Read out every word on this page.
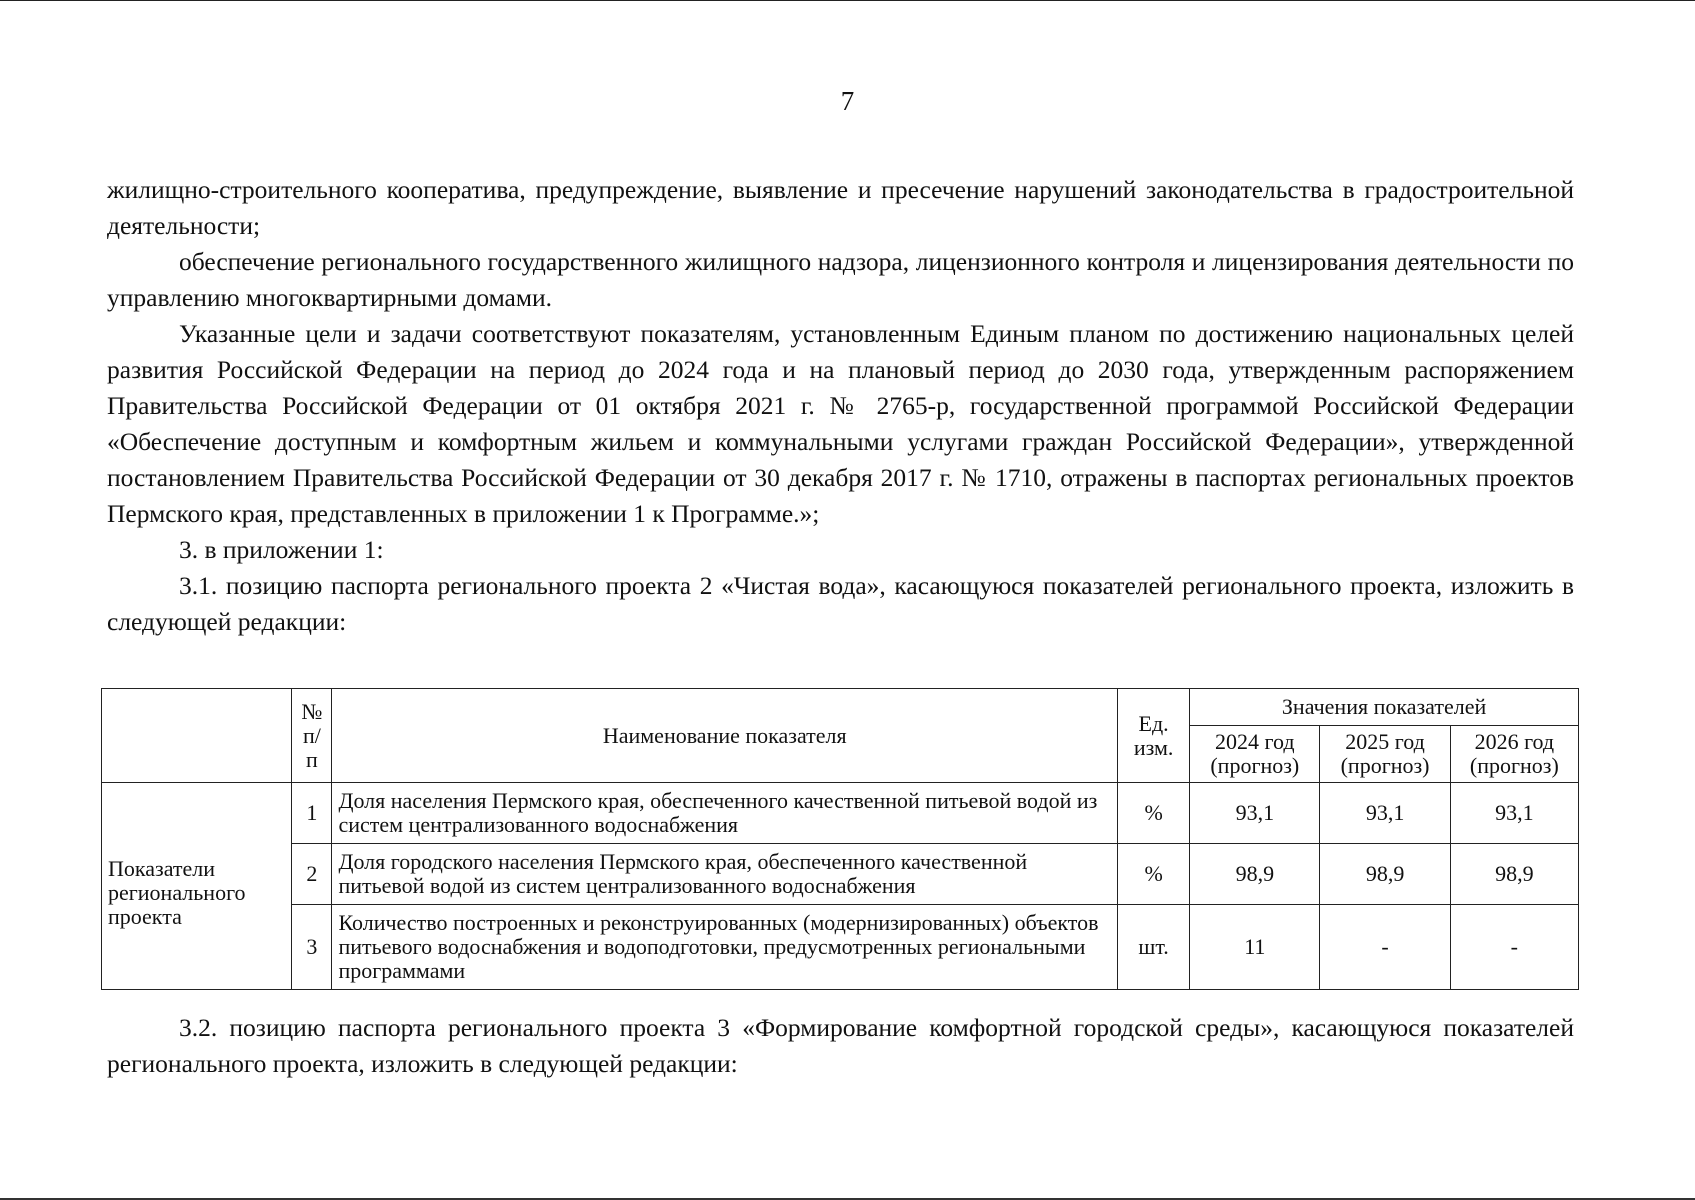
7

жилищно-строительного кооператива, предупреждение, выявление и пресечение нарушений законодательства в градостроительной деятельности;

обеспечение регионального государственного жилищного надзора, лицензионного контроля и лицензирования деятельности по управлению многоквартирными домами.

Указанные цели и задачи соответствуют показателям, установленным Единым планом по достижению национальных целей развития Российской Федерации на период до 2024 года и на плановый период до 2030 года, утвержденным распоряжением Правительства Российской Федерации от 01 октября 2021 г. № 2765-р, государственной программой Российской Федерации «Обеспечение доступным и комфортным жильем и коммунальными услугами граждан Российской Федерации», утвержденной постановлением Правительства Российской Федерации от 30 декабря 2017 г. № 1710, отражены в паспортах региональных проектов Пермского края, представленных в приложении 1 к Программе.»;

3. в приложении 1:

3.1. позицию паспорта регионального проекта 2 «Чистая вода», касающуюся показателей регионального проекта, изложить в следующей редакции:

	№ п/п	Наименование показателя	Ед. изм.	Значения показателей		
				2024 год (прогноз)	2025 год (прогноз)	2026 год (прогноз)
Показатели регионального проекта	1	Доля населения Пермского края, обеспеченного качественной питьевой водой из систем централизованного водоснабжения	%	93,1	93,1	93,1
	2	Доля городского населения Пермского края, обеспеченного качественной питьевой водой из систем централизованного водоснабжения	%	98,9	98,9	98,9
	3	Количество построенных и реконструированных (модернизированных) объектов питьевого водоснабжения и водоподготовки, предусмотренных региональными программами	шт.	11	-	-

3.2. позицию паспорта регионального проекта 3 «Формирование комфортной городской среды», касающуюся показателей регионального проекта, изложить в следующей редакции:
